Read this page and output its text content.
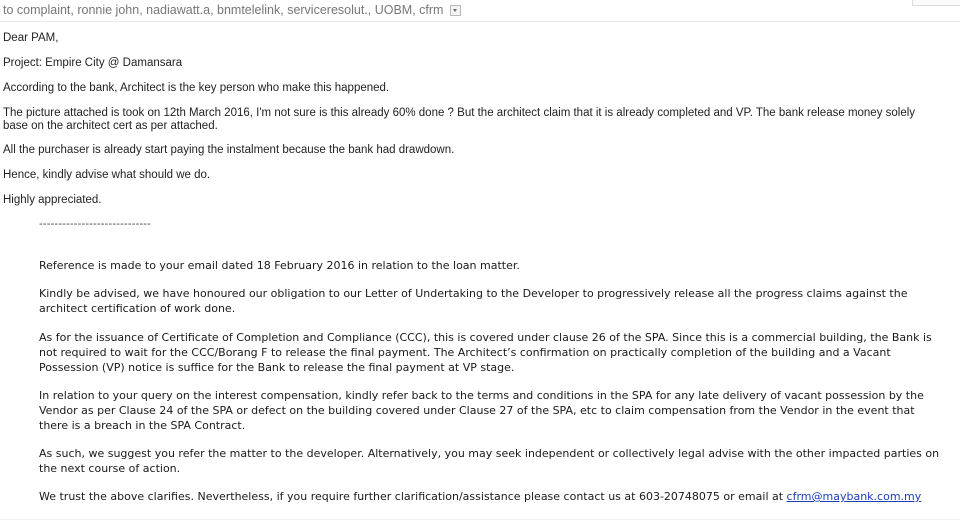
to complaint, ronnie john, nadiawatt.a, bnmtelelink, serviceresolut., UOBM, cfrm

Dear PAM,

Project: Empire City @ Damansara

According to the bank, Architect is the key person who make this happened.

The picture attached is took on 12th March 2016, I'm not sure is this already 60% done ? But the architect claim that it is already completed and VP. The bank release money solely

base on the architect cert as per attached.

All the purchaser is already start paying the instalment because the bank had drawdown.

Hence, kindly advise what should we do.

Highly appreciated.

-----------------------------

Reference is made to your email dated 18 February 2016 in relation to the loan matter.

Kindly be advised, we have honoured our obligation to our Letter of Undertaking to the Developer to progressively release all the progress claims against the architect certification of work done.

As for the issuance of Certificate of Completion and Compliance (CCC), this is covered under clause 26 of the SPA. Since this is a commercial building, the Bank is not required to wait for the CCC/Borang F to release the final payment. The Architect’s confirmation on practically completion of the building and a Vacant Possession (VP) notice is suffice for the Bank to release the final payment at VP stage.

In relation to your query on the interest compensation, kindly refer back to the terms and conditions in the SPA for any late delivery of vacant possession by the Vendor as per Clause 24 of the SPA or defect on the building covered under Clause 27 of the SPA, etc to claim compensation from the Vendor in the event that there is a breach in the SPA Contract.

As such, we suggest you refer the matter to the developer. Alternatively, you may seek independent or collectively legal advise with the other impacted parties on the next course of action.

We trust the above clarifies. Nevertheless, if you require further clarification/assistance please contact us at 603-20748075 or email at cfrm@maybank.com.my
